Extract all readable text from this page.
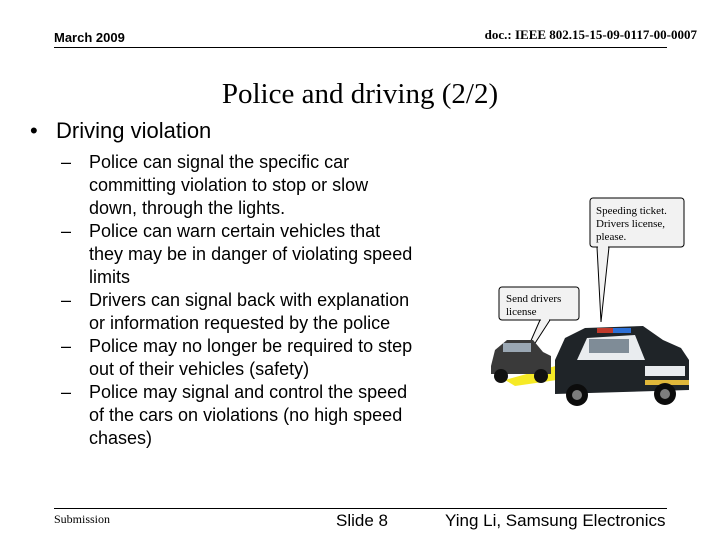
March 2009	doc.: IEEE 802.15-15-09-0117-00-0007
Police and driving (2/2)
• Driving violation
– Police can signal the specific car committing violation to stop or slow down, through the lights.
– Police can warn certain vehicles that they may be in danger of violating speed limits
– Drivers can signal back with explanation or information requested by the police
– Police may no longer be required to step out of their vehicles (safety)
– Police may signal and control the speed of the cars on violations (no high speed chases)
Speeding ticket. Drivers license, please.
Send drivers license
Submission	Slide 8	Ying Li, Samsung Electronics
